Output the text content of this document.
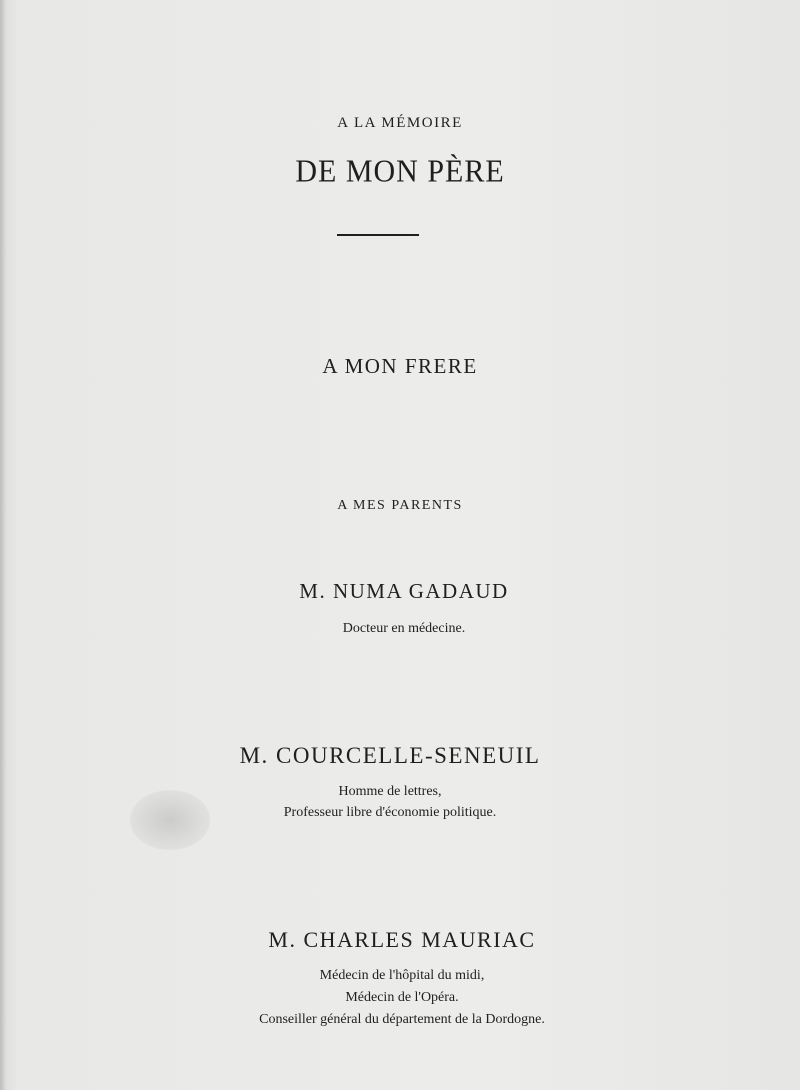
A LA MÉMOIRE
DE MON PÈRE
A MON FRERE
A MES PARENTS
M. NUMA GADAUD
Docteur en médecine.
M. COURCELLE-SENEUIL
Homme de lettres,
Professeur libre d'économie politique.
M. CHARLES MAURIAC
Médecin de l'hôpital du midi,
Médecin de l'Opéra.
Conseiller général du département de la Dordogne.
